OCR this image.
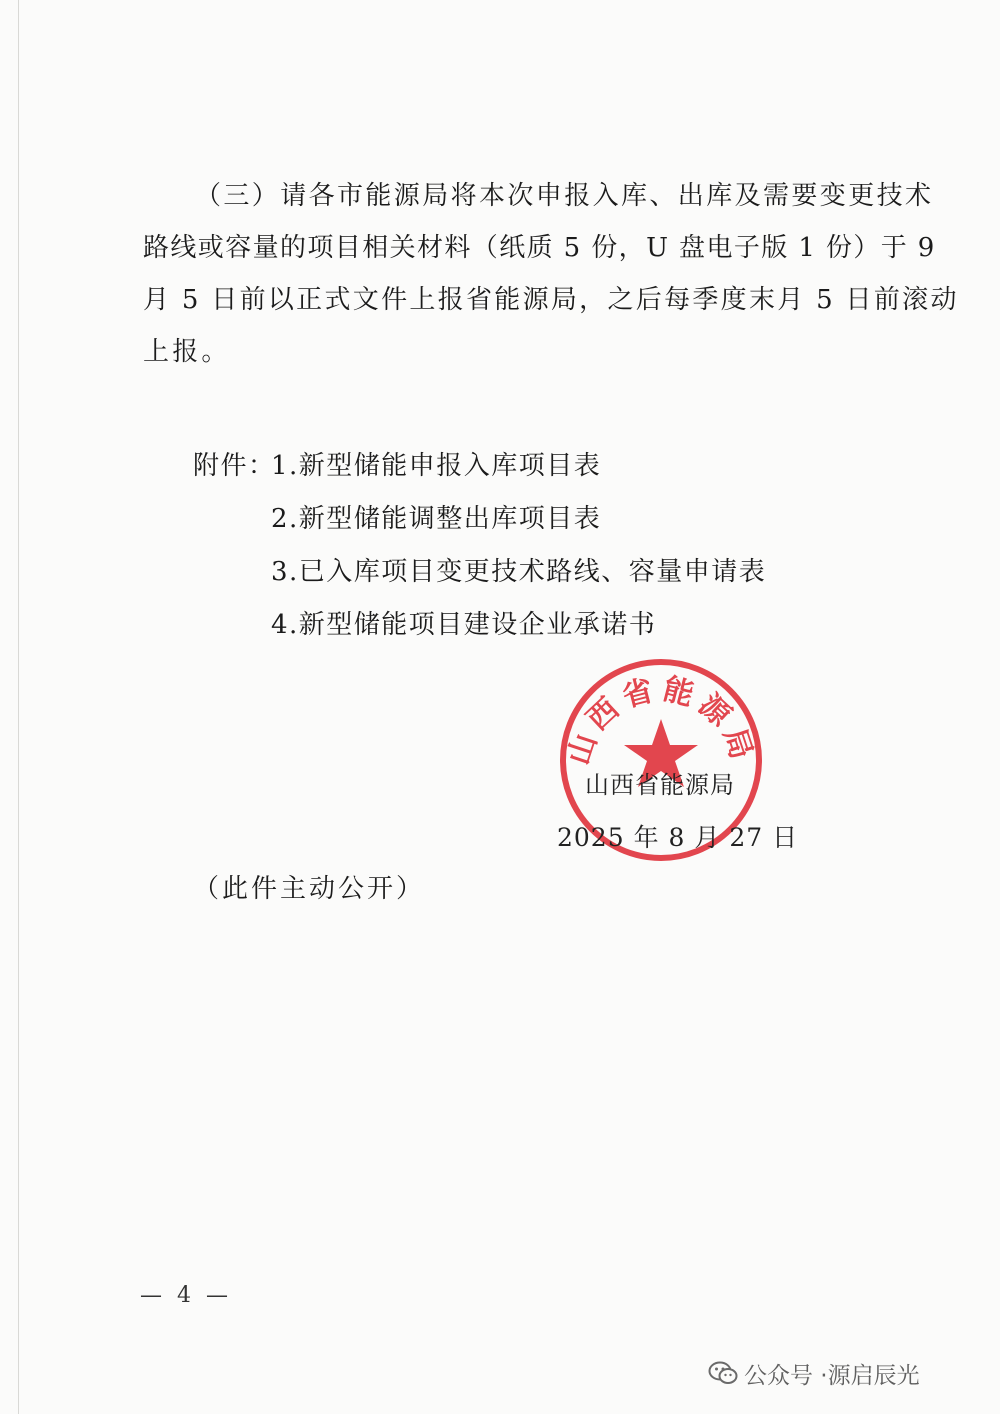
（三）请各市能源局将本次申报入库、出库及需要变更技术
路线或容量的项目相关材料（纸质 5 份，U 盘电子版 1 份）于 9
月 5 日前以正式文件上报省能源局，之后每季度末月 5 日前滚动
上报。
附件：
1.新型储能申报入库项目表
2.新型储能调整出库项目表
3.已入库项目变更技术路线、容量申请表
4.新型储能项目建设企业承诺书
山西省能源局
山西省能源局
2025 年 8 月 27 日
（此件主动公开）
— 4 —
公众号 · 源启辰光
